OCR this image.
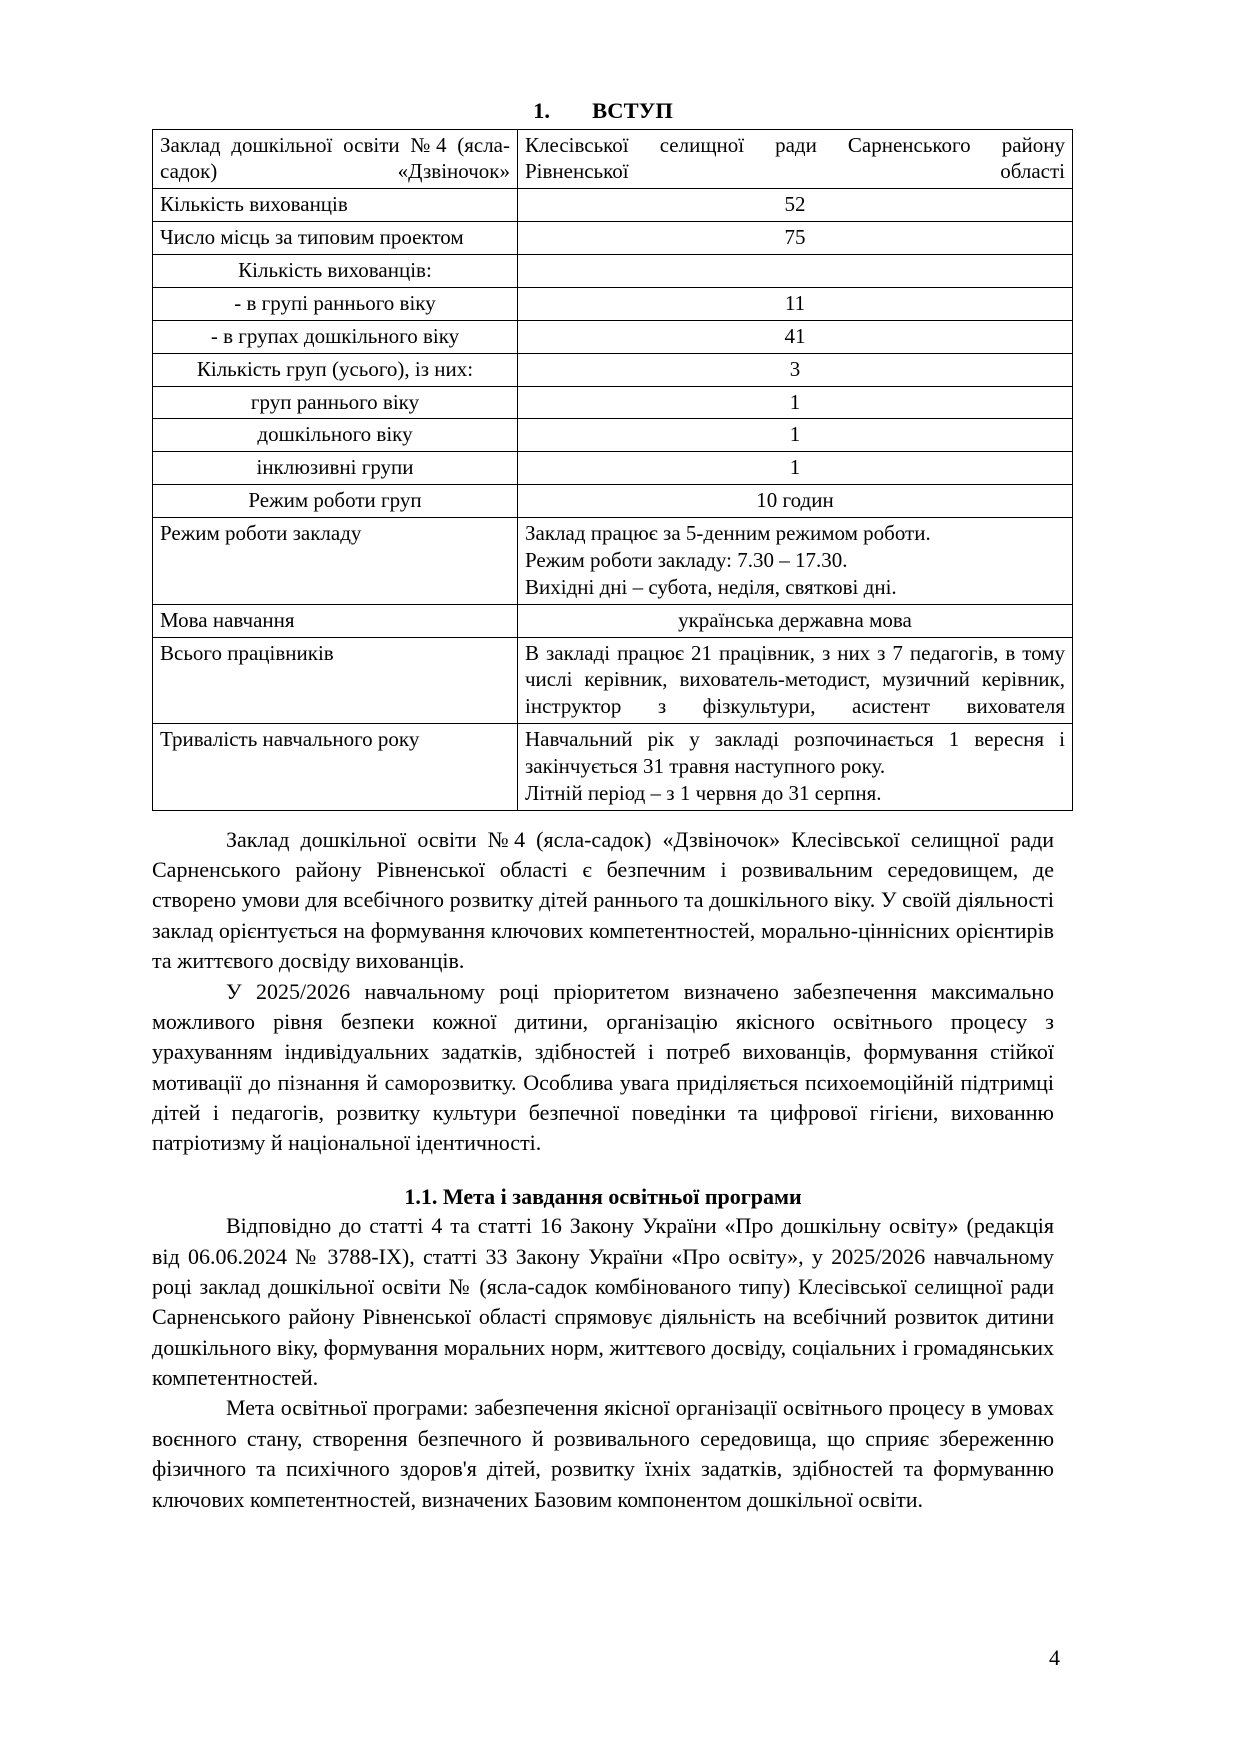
1. ВСТУП
Заклад дошкільної освіти №4 (ясла-садок) «Дзвіночок»	Клесівської селищної ради Сарненського району Рівненської області
Кількість вихованців	52
Число місць за типовим проектом	75
Кількість вихованців:	
- в групі раннього віку	11
- в групах дошкільного віку	41
Кількість груп (усього), із них:	3
груп раннього віку	1
дошкільного віку	1
інклюзивні групи	1
Режим роботи груп	10 годин
Режим роботи закладу	Заклад працює за 5-денним режимом роботи.
Режим роботи закладу: 7.30 – 17.30.
Вихідні дні – субота, неділя, святкові дні.
Мова навчання	українська державна мова
Всього працівників	В закладі працює 21 працівник, з них з 7 педагогів, в тому числі керівник, вихователь-методист, музичний керівник, інструктор з фізкультури, асистент вихователя
Тривалість навчального року	Навчальний рік у закладі розпочинається 1 вересня і закінчується 31 травня наступного року.
Літній період – з 1 червня до 31 серпня.

Заклад дошкільної освіти №4 (ясла-садок) «Дзвіночок» Клесівської селищної ради Сарненського району Рівненської області є безпечним і розвивальним середовищем, де створено умови для всебічного розвитку дітей раннього та дошкільного віку. У своїй діяльності заклад орієнтується на формування ключових компетентностей, морально-ціннісних орієнтирів та життєвого досвіду вихованців.

У 2025/2026 навчальному році пріоритетом визначено забезпечення максимально можливого рівня безпеки кожної дитини, організацію якісного освітнього процесу з урахуванням індивідуальних задатків, здібностей і потреб вихованців, формування стійкої мотивації до пізнання й саморозвитку. Особлива увага приділяється психоемоційній підтримці дітей і педагогів, розвитку культури безпечної поведінки та цифрової гігієни, вихованню патріотизму й національної ідентичності.

1.1. Мета і завдання освітньої програми

Відповідно до статті 4 та статті 16 Закону України «Про дошкільну освіту» (редакція від 06.06.2024 № 3788-IX), статті 33 Закону України «Про освіту», у 2025/2026 навчальному році заклад дошкільної освіти № (ясла-садок комбінованого типу) Клесівської селищної ради Сарненського району Рівненської області спрямовує діяльність на всебічний розвиток дитини дошкільного віку, формування моральних норм, життєвого досвіду, соціальних і громадянських компетентностей.

Мета освітньої програми: забезпечення якісної організації освітнього процесу в умовах воєнного стану, створення безпечного й розвивального середовища, що сприяє збереженню фізичного та психічного здоров'я дітей, розвитку їхніх задатків, здібностей та формуванню ключових компетентностей, визначених Базовим компонентом дошкільної освіти.

4
